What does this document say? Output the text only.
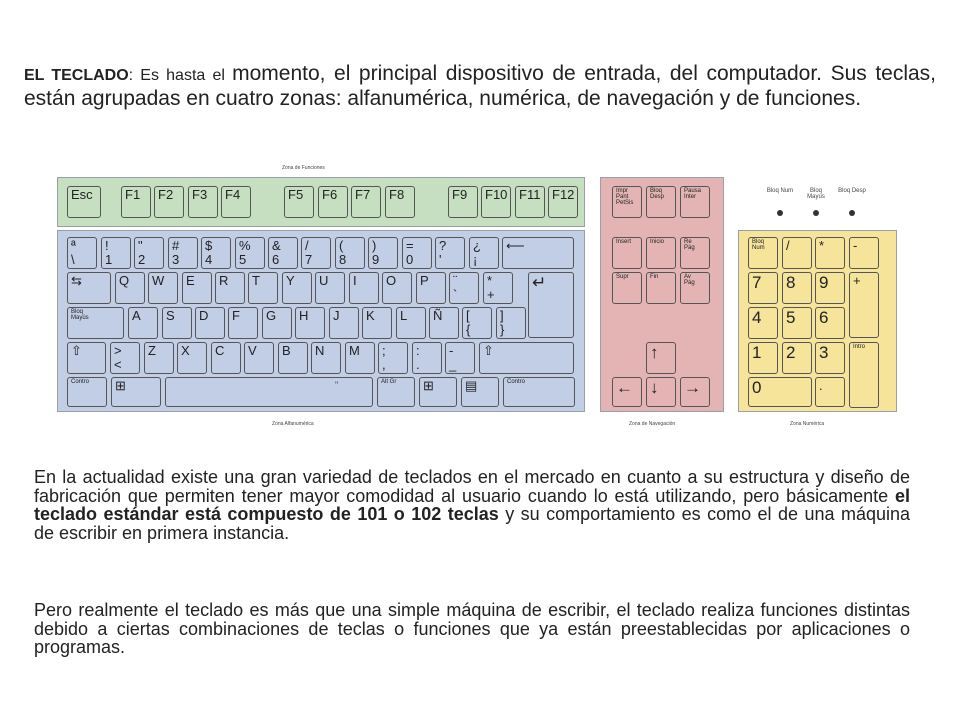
EL TECLADO: Es hasta el momento, el principal dispositivo de entrada, del computador. Sus teclas, están agrupadas en cuatro zonas: alfanumérica, numérica, de navegación y de funciones.
Zona de Funciones
Zona Alfanumérica	Zona de Navegación	Zona Numérica
Bloq Num	Bloq Mayús
Bloq Desp
Esc	F1	F2	F3	F4	F5	F6	F7	F8	F9	F10 F11 F12
ª
\
!
1
"
2
#
3
%
5
&
6
/
7
(
8
)
9
=
0
?
'
¿
¡
⟵
$
4
⇆	Q	W	E	R	T	Y	U	I	O	P	¨
`
*
+
↵
Bloq
Mayús	A	S	D	F	G	H	J	K	L	Ñ	[
{
]
}
⇧	>
<
Z	X	C	V	B	N	M	;
,
:
.
-
_
⇧
Contro	⊞	Alt Gr	⊞	▤	Contro
"
Impr
Pant
PetSis
Bloq
Desp
Pausa
Inter
Insert	Inicio	Re
Pág
Supr	Fin	Av
Pág
↑
←	↓	→
Bloq
Num	/	*	-
7	8	9	+
4	5	6
1	2	3	Intro
0	.
En la actualidad existe una gran variedad de teclados en el mercado en cuanto a su estructura y diseño de fabricación que permiten tener mayor comodidad al usuario cuando lo está utilizando, pero básicamente el teclado estándar está compuesto de 101 o 102 teclas y su comportamiento es como el de una máquina de escribir en primera instancia.
Pero realmente el teclado es más que una simple máquina de escribir, el teclado realiza funciones distintas debido a ciertas combinaciones de teclas o funciones que ya están preestablecidas por aplicaciones o programas.
